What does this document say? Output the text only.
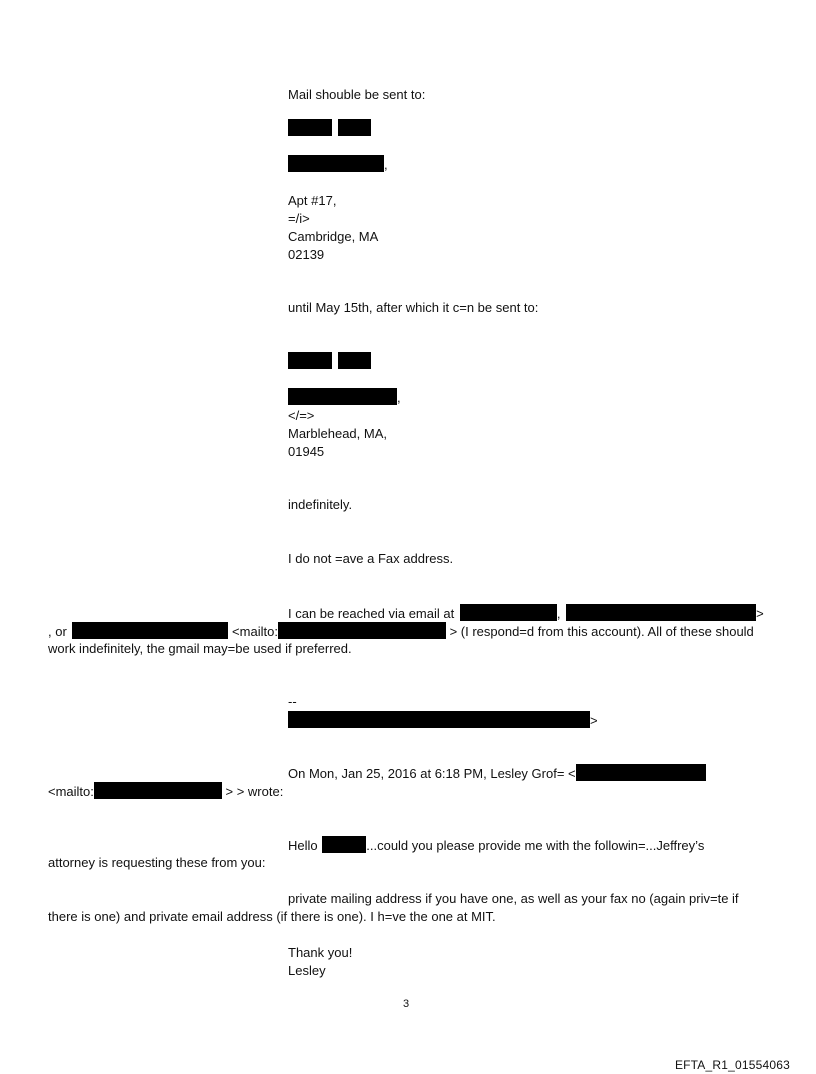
Mail shouble be sent to:

,
Apt #17,
=/i>
Cambridge, MA
02139
until May 15th, after which it c=n be sent to:

,
</=>
Marblehead, MA,
01945
indefinitely.
I do not =ave a Fax address.
I can be reached via email at	,	>
, or	<mailto:	> (I respond=d from this account). All of these should
work indefinitely, the gmail may=be used if preferred.
--
>
On Mon, Jan 25, 2016 at 6:18 PM, Lesley Grof= <
<mailto:	> > wrote:
Hello	...could you please provide me with the followin=...Jeffrey’s
attorney is requesting these from you:
private mailing address if you have one, as well as your fax no (again priv=te if
there is one) and private email address (if there is one). I h=ve the one at MIT.
Thank you!
Lesley
3
EFTA_R1_01554063
